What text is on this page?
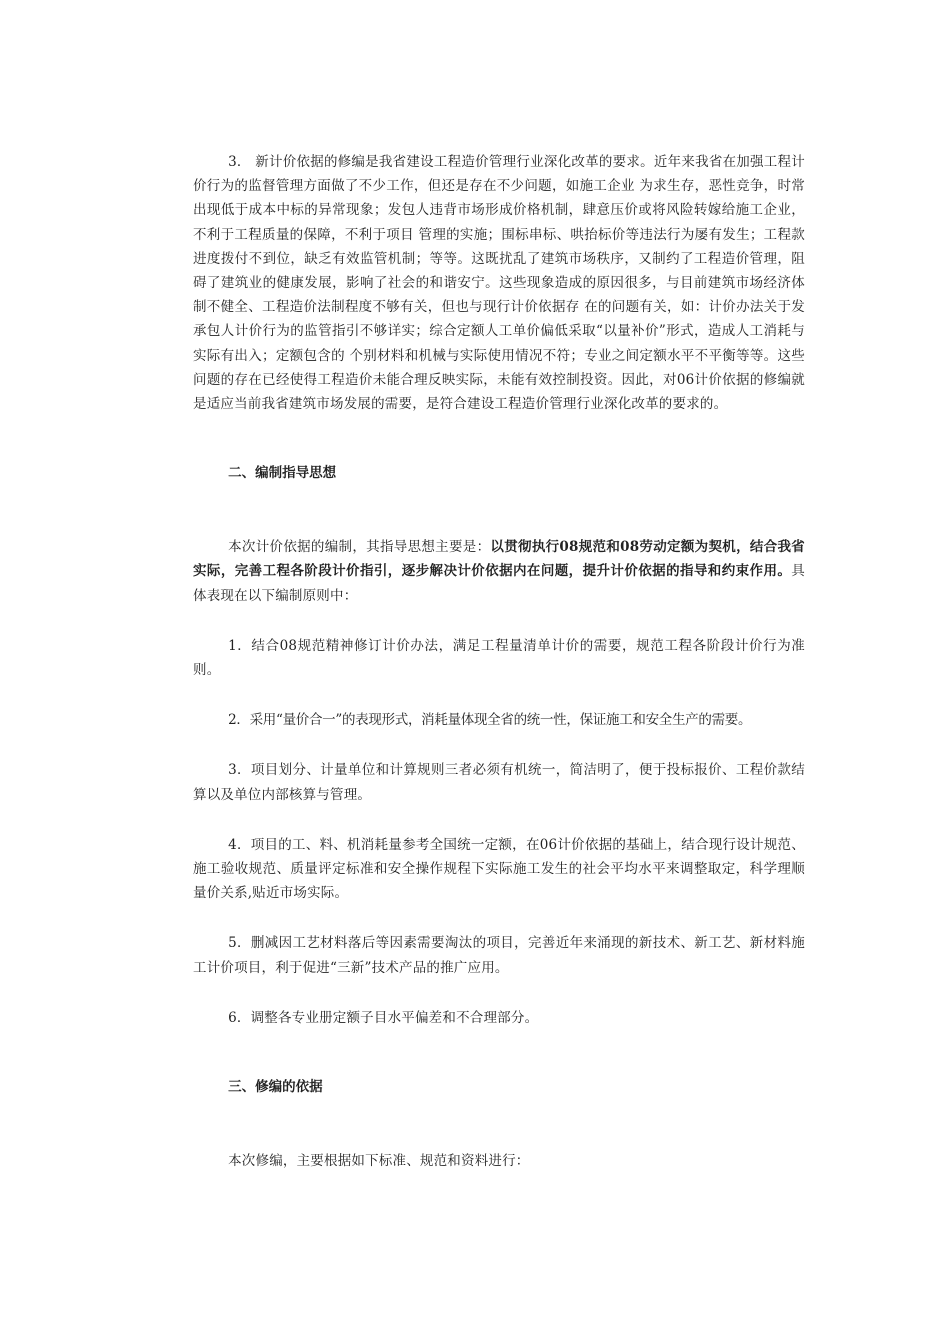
3． 新计价依据的修编是我省建设工程造价管理行业深化改革的要求。近年来我省在加强工程计价行为的监督管理方面做了不少工作，但还是存在不少问题，如施工企业 为求生存，恶性竞争，时常出现低于成本中标的异常现象；发包人违背市场形成价格机制，肆意压价或将风险转嫁给施工企业，不利于工程质量的保障，不利于项目 管理的实施；围标串标、哄抬标价等违法行为屡有发生；工程款进度拨付不到位，缺乏有效监管机制；等等。这既扰乱了建筑市场秩序，又制约了工程造价管理，阻 碍了建筑业的健康发展，影响了社会的和谐安宁。这些现象造成的原因很多，与目前建筑市场经济体制不健全、工程造价法制程度不够有关，但也与现行计价依据存 在的问题有关，如：计价办法关于发承包人计价行为的监管指引不够详实；综合定额人工单价偏低采取“以量补价”形式，造成人工消耗与实际有出入；定额包含的 个别材料和机械与实际使用情况不符；专业之间定额水平不平衡等等。这些问题的存在已经使得工程造价未能合理反映实际，未能有效控制投资。因此，对06计价依据的修编就是适应当前我省建筑市场发展的需要，是符合建设工程造价管理行业深化改革的要求的。

二、编制指导思想

本次计价依据的编制，其指导思想主要是：以贯彻执行08规范和08劳动定额为契机，结合我省实际，完善工程各阶段计价指引，逐步解决计价依据内在问题，提升计价依据的指导和约束作用。具体表现在以下编制原则中：

1．结合08规范精神修订计价办法，满足工程量清单计价的需要，规范工程各阶段计价行为准则。

2．采用“量价合一”的表现形式，消耗量体现全省的统一性，保证施工和安全生产的需要。

3．项目划分、计量单位和计算规则三者必须有机统一，简洁明了，便于投标报价、工程价款结算以及单位内部核算与管理。

4．项目的工、料、机消耗量参考全国统一定额，在06计价依据的基础上，结合现行设计规范、施工验收规范、质量评定标准和安全操作规程下实际施工发生的社会平均水平来调整取定，科学理顺量价关系,贴近市场实际。

5．删减因工艺材料落后等因素需要淘汰的项目，完善近年来涌现的新技术、新工艺、新材料施工计价项目，利于促进“三新”技术产品的推广应用。

6．调整各专业册定额子目水平偏差和不合理部分。

三、修编的依据

本次修编，主要根据如下标准、规范和资料进行：
